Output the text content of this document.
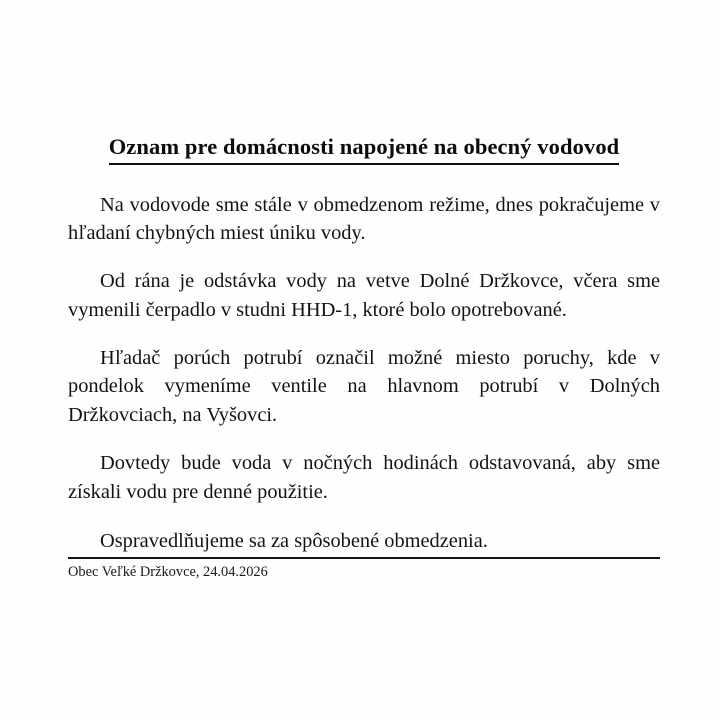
Oznam pre domácnosti napojené na obecný vodovod

Na vodovode sme stále v obmedzenom režime, dnes pokračujeme v hľadaní chybných miest úniku vody.

Od rána je odstávka vody na vetve Dolné Držkovce, včera sme vymenili čerpadlo v studni HHD-1, ktoré bolo opotrebované.

Hľadač porúch potrubí označil možné miesto poruchy, kde v pondelok vymeníme ventile na hlavnom potrubí v Dolných Držkovciach, na Vyšovci.

Dovtedy bude voda v nočných hodinách odstavovaná, aby sme získali vodu pre denné použitie.

Ospravedlňujeme sa za spôsobené obmedzenia.

Obec Veľké Držkovce, 24.04.2026
